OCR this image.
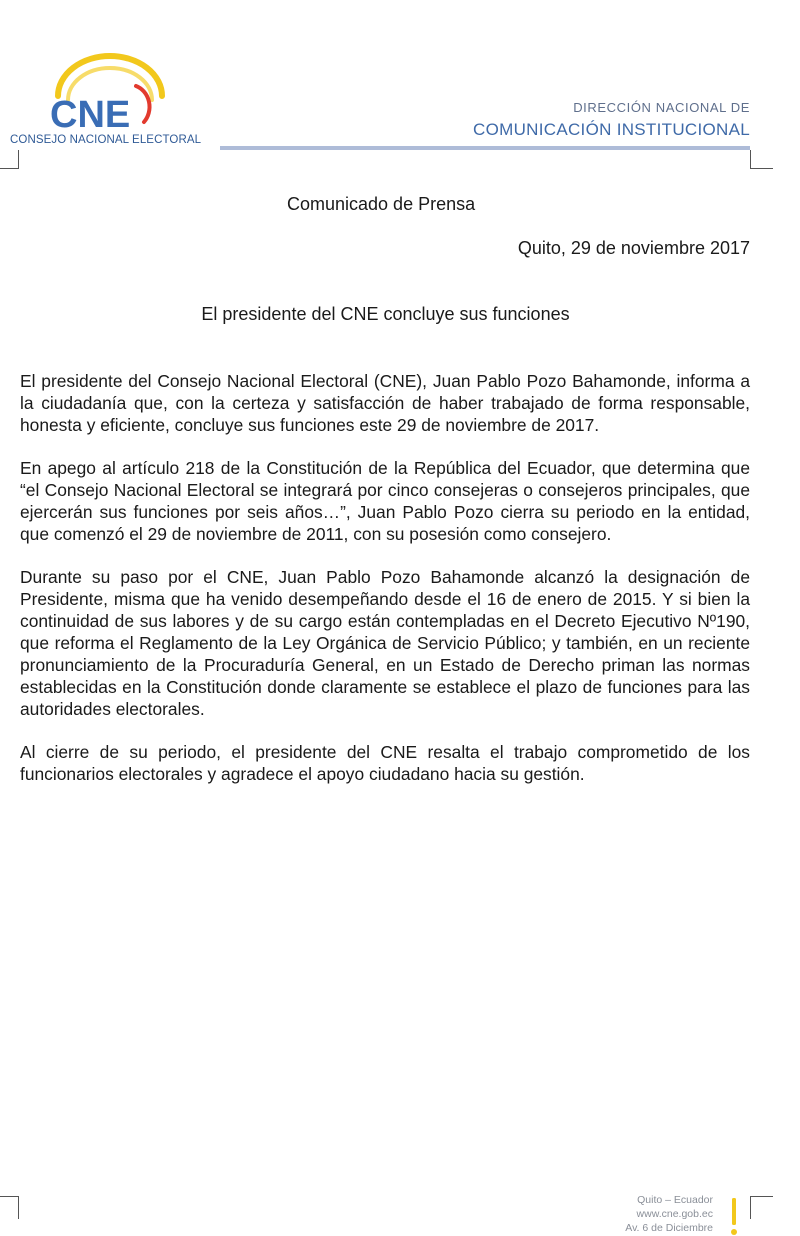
CNE
CONSEJO NACIONAL ELECTORAL
DIRECCIÓN NACIONAL DE
COMUNICACIÓN INSTITUCIONAL
Comunicado de Prensa
Quito, 29 de noviembre 2017
El presidente del CNE concluye sus funciones

El presidente del Consejo Nacional Electoral (CNE), Juan Pablo Pozo Bahamonde, informa a la ciudadanía que, con la certeza y satisfacción de haber trabajado de forma responsable, honesta y eficiente, concluye sus funciones este 29 de noviembre de 2017.

En apego al artículo 218 de la Constitución de la República del Ecuador, que determina que “el Consejo Nacional Electoral se integrará por cinco consejeras o consejeros principales, que ejercerán sus funciones por seis años…”, Juan Pablo Pozo cierra su periodo en la entidad, que comenzó el 29 de noviembre de 2011, con su posesión como consejero.

Durante su paso por el CNE, Juan Pablo Pozo Bahamonde alcanzó la designación de Presidente, misma que ha venido desempeñando desde el 16 de enero de 2015. Y si bien la continuidad de sus labores y de su cargo están contempladas en el Decreto Ejecutivo Nº190, que reforma el Reglamento de la Ley Orgánica de Servicio Público; y también, en un reciente pronunciamiento de la Procuraduría General, en un Estado de Derecho priman las normas establecidas en la Constitución donde claramente se establece el plazo de funciones para las autoridades electorales.

Al cierre de su periodo, el presidente del CNE resalta el trabajo comprometido de los funcionarios electorales y agradece el apoyo ciudadano hacia su gestión.

Quito – Ecuador
www.cne.gob.ec
Av. 6 de Diciembre
